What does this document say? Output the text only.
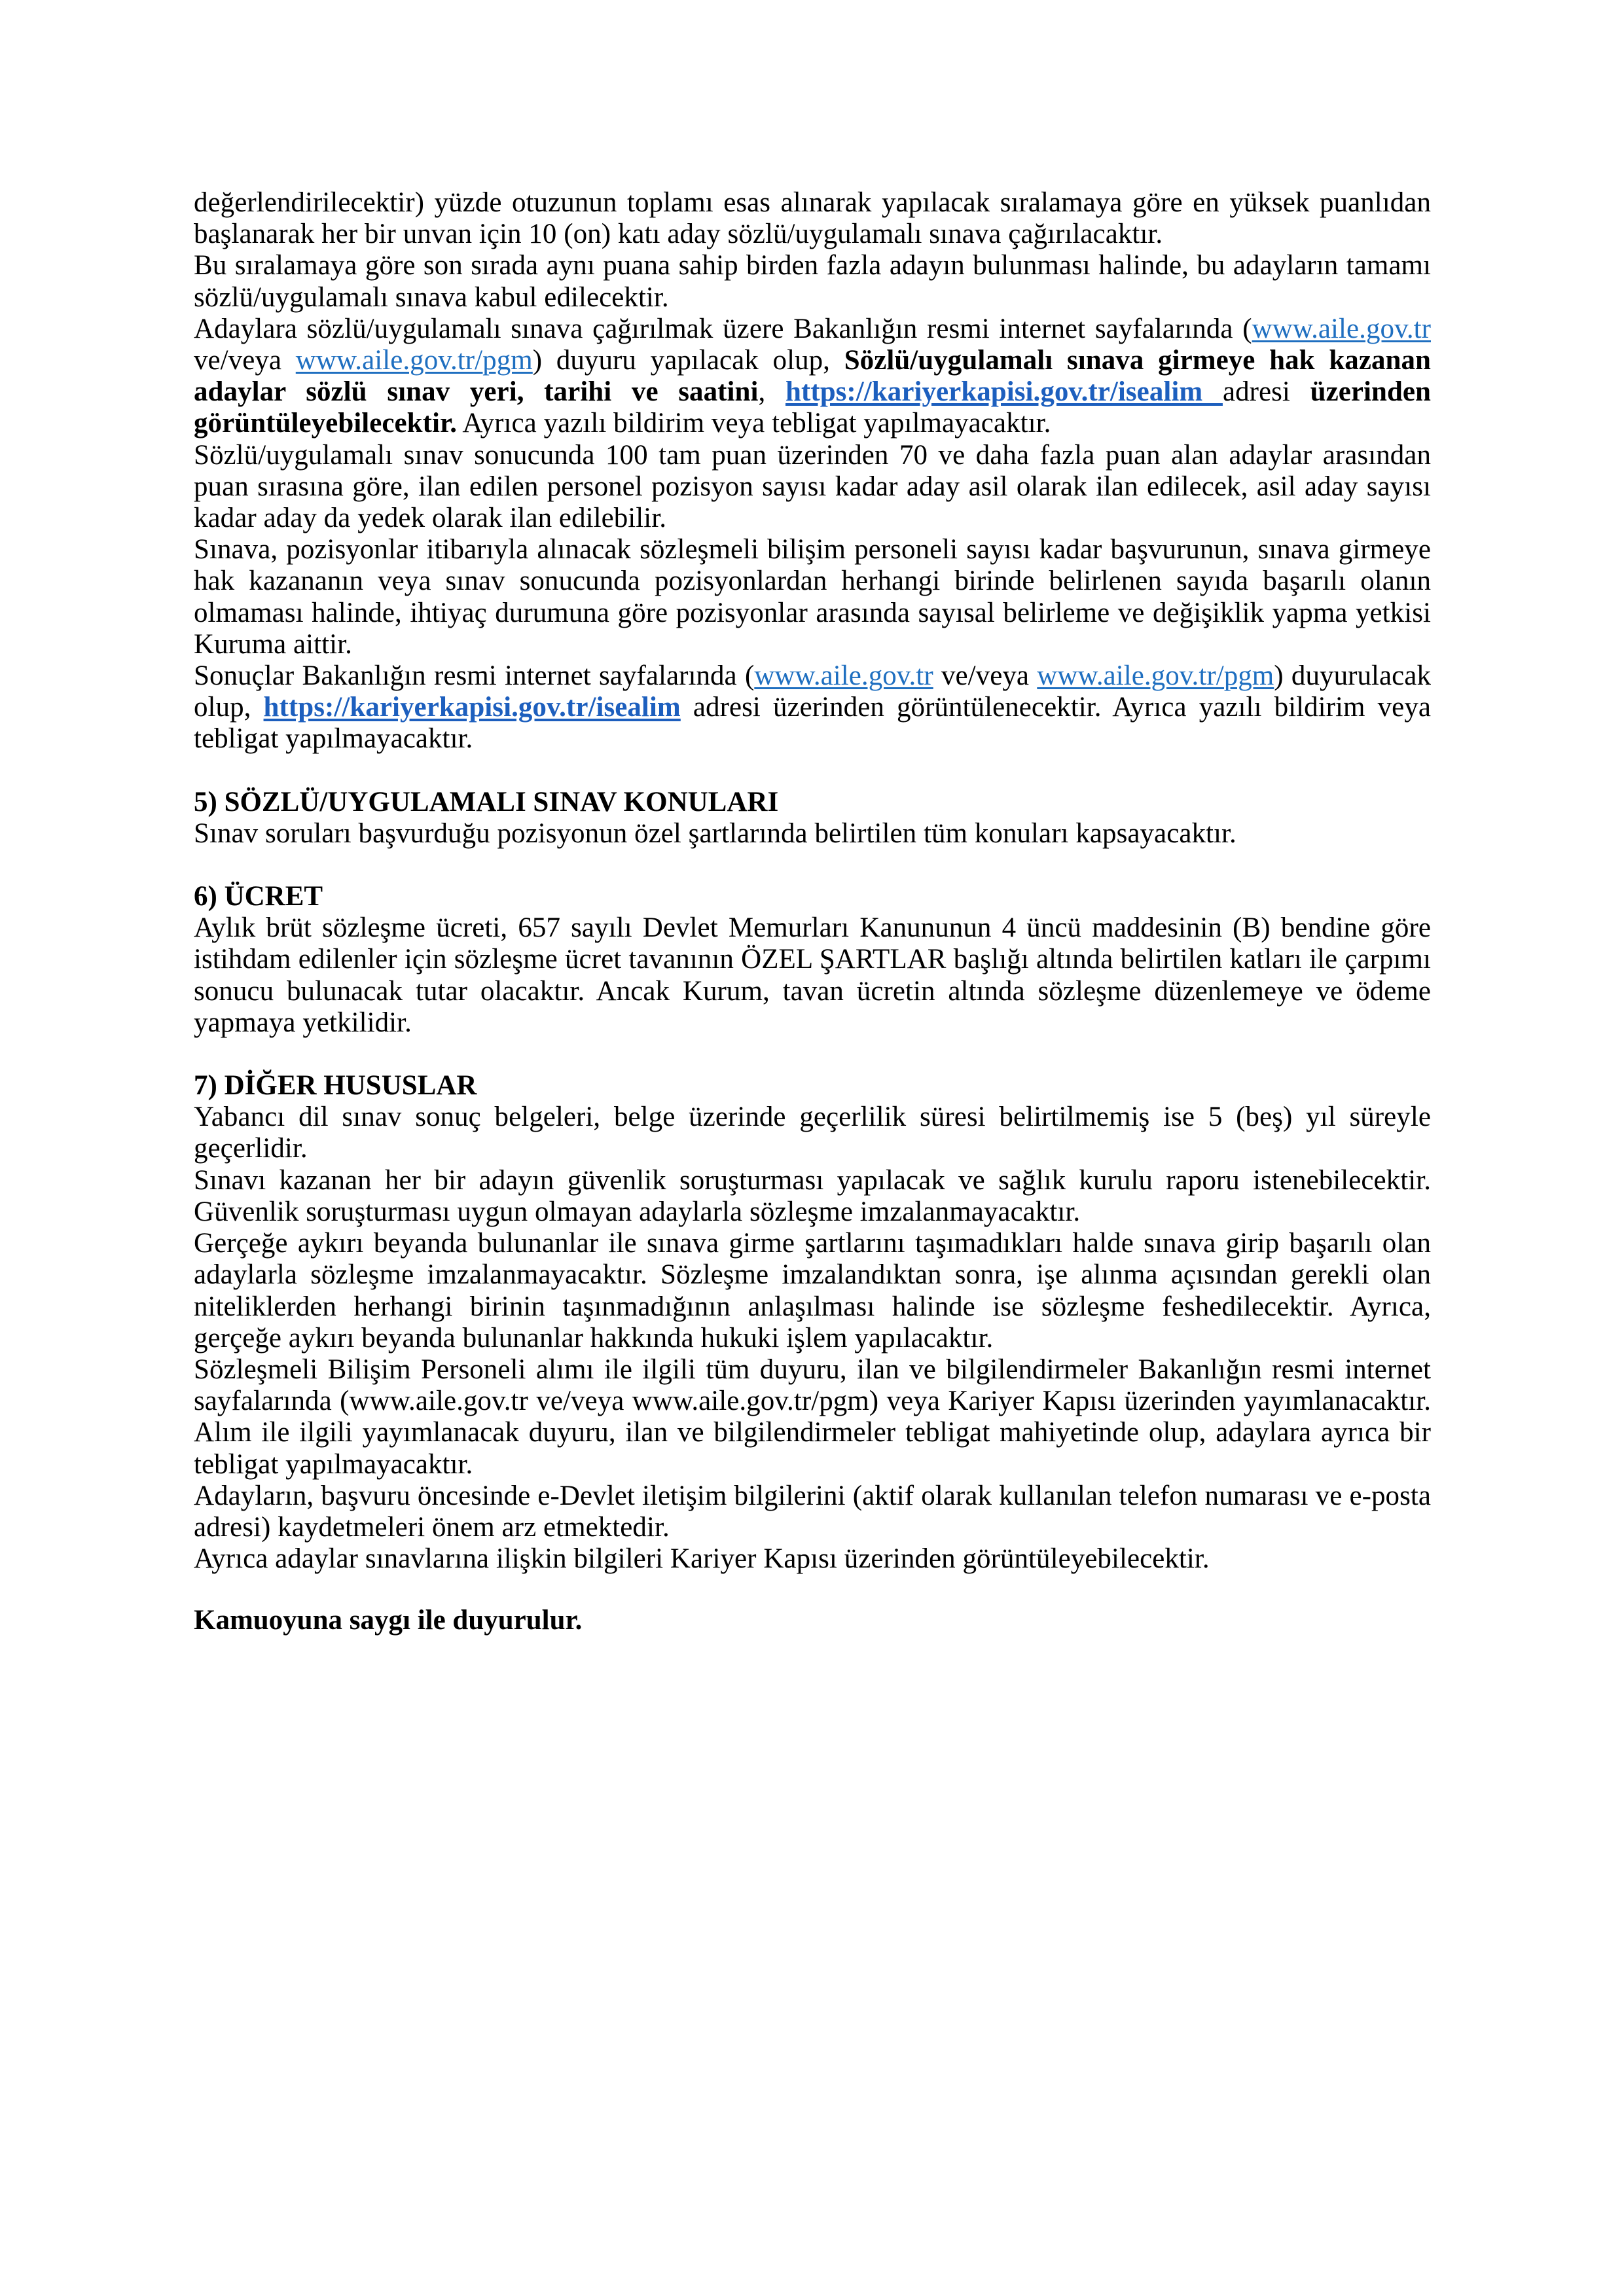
değerlendirilecektir) yüzde otuzunun toplamı esas alınarak yapılacak sıralamaya göre en yüksek puanlıdan başlanarak her bir unvan için 10 (on) katı aday sözlü/uygulamalı sınava çağırılacaktır.

Bu sıralamaya göre son sırada aynı puana sahip birden fazla adayın bulunması halinde, bu adayların tamamı sözlü/uygulamalı sınava kabul edilecektir.

Adaylara sözlü/uygulamalı sınava çağırılmak üzere Bakanlığın resmi internet sayfalarında (www.aile.gov.tr ve/veya www.aile.gov.tr/pgm) duyuru yapılacak olup, Sözlü/uygulamalı sınava girmeye hak kazanan adaylar sözlü sınav yeri, tarihi ve saatini, https://kariyerkapisi.gov.tr/isealim adresi üzerinden görüntüleyebilecektir. Ayrıca yazılı bildirim veya tebligat yapılmayacaktır.

Sözlü/uygulamalı sınav sonucunda 100 tam puan üzerinden 70 ve daha fazla puan alan adaylar arasından puan sırasına göre, ilan edilen personel pozisyon sayısı kadar aday asil olarak ilan edilecek, asil aday sayısı kadar aday da yedek olarak ilan edilebilir.

Sınava, pozisyonlar itibarıyla alınacak sözleşmeli bilişim personeli sayısı kadar başvurunun, sınava girmeye hak kazananın veya sınav sonucunda pozisyonlardan herhangi birinde belirlenen sayıda başarılı olanın olmaması halinde, ihtiyaç durumuna göre pozisyonlar arasında sayısal belirleme ve değişiklik yapma yetkisi Kuruma aittir.

Sonuçlar Bakanlığın resmi internet sayfalarında (www.aile.gov.tr ve/veya www.aile.gov.tr/pgm) duyurulacak olup, https://kariyerkapisi.gov.tr/isealim adresi üzerinden görüntülenecektir. Ayrıca yazılı bildirim veya tebligat yapılmayacaktır.

5) SÖZLÜ/UYGULAMALI SINAV KONULARI

Sınav soruları başvurduğu pozisyonun özel şartlarında belirtilen tüm konuları kapsayacaktır.

6) ÜCRET

Aylık brüt sözleşme ücreti, 657 sayılı Devlet Memurları Kanununun 4 üncü maddesinin (B) bendine göre istihdam edilenler için sözleşme ücret tavanının ÖZEL ŞARTLAR başlığı altında belirtilen katları ile çarpımı sonucu bulunacak tutar olacaktır. Ancak Kurum, tavan ücretin altında sözleşme düzenlemeye ve ödeme yapmaya yetkilidir.

7) DİĞER HUSUSLAR

Yabancı dil sınav sonuç belgeleri, belge üzerinde geçerlilik süresi belirtilmemiş ise 5 (beş) yıl süreyle geçerlidir.

Sınavı kazanan her bir adayın güvenlik soruşturması yapılacak ve sağlık kurulu raporu istenebilecektir. Güvenlik soruşturması uygun olmayan adaylarla sözleşme imzalanmayacaktır.

Gerçeğe aykırı beyanda bulunanlar ile sınava girme şartlarını taşımadıkları halde sınava girip başarılı olan adaylarla sözleşme imzalanmayacaktır. Sözleşme imzalandıktan sonra, işe alınma açısından gerekli olan niteliklerden herhangi birinin taşınmadığının anlaşılması halinde ise sözleşme feshedilecektir. Ayrıca, gerçeğe aykırı beyanda bulunanlar hakkında hukuki işlem yapılacaktır.

Sözleşmeli Bilişim Personeli alımı ile ilgili tüm duyuru, ilan ve bilgilendirmeler Bakanlığın resmi internet sayfalarında (www.aile.gov.tr ve/veya www.aile.gov.tr/pgm) veya Kariyer Kapısı üzerinden yayımlanacaktır. Alım ile ilgili yayımlanacak duyuru, ilan ve bilgilendirmeler tebligat mahiyetinde olup, adaylara ayrıca bir tebligat yapılmayacaktır.

Adayların, başvuru öncesinde e-Devlet iletişim bilgilerini (aktif olarak kullanılan telefon numarası ve e-posta adresi) kaydetmeleri önem arz etmektedir.

Ayrıca adaylar sınavlarına ilişkin bilgileri Kariyer Kapısı üzerinden görüntüleyebilecektir.

Kamuoyuna saygı ile duyurulur.
